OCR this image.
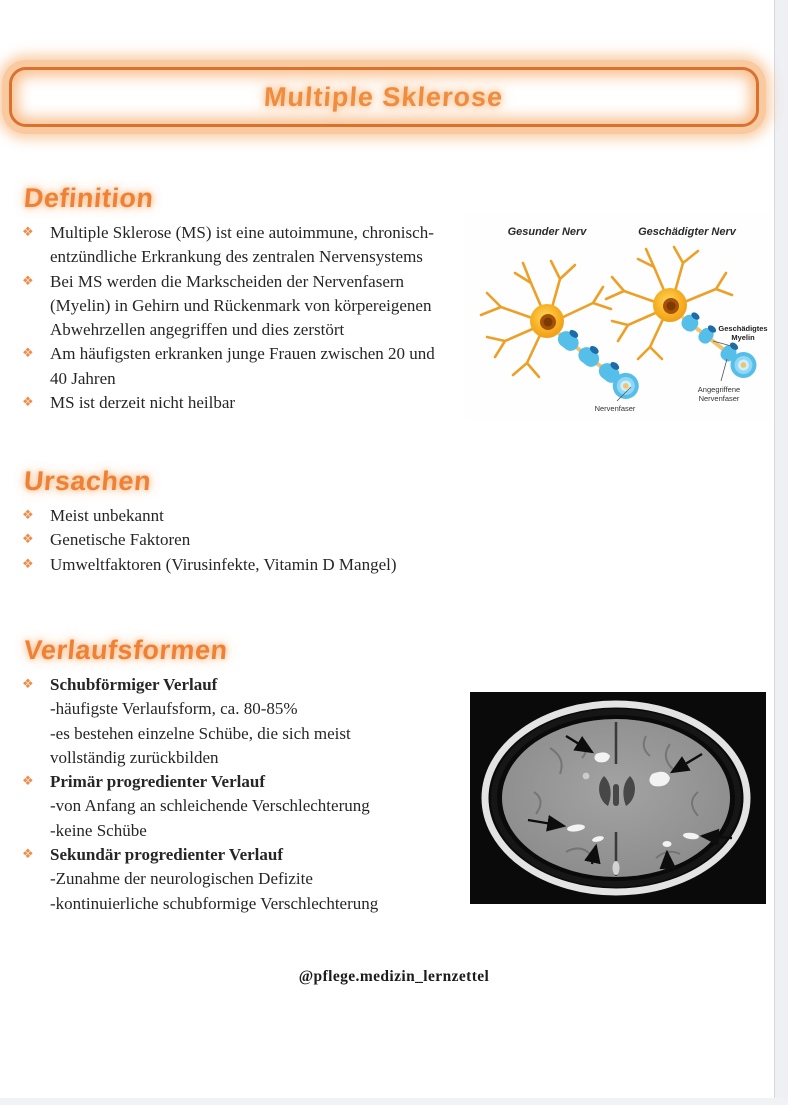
Multiple Sklerose
Definition
Ursachen
Verlaufsformen
❖ Multiple Sklerose (MS) ist eine autoimmune, chronisch-
entzündliche Erkrankung des zentralen Nervensystems
❖ Bei MS werden die Markscheiden der Nervenfasern
(Myelin) in Gehirn und Rückenmark von körpereigenen
Abwehrzellen angegriffen und dies zerstört
❖ Am häufigsten erkranken junge Frauen zwischen 20 und
40 Jahren
❖ MS ist derzeit nicht heilbar
❖ Meist unbekannt
❖ Genetische Faktoren
❖ Umweltfaktoren (Virusinfekte, Vitamin D Mangel)
❖ Schubförmiger Verlauf
-häufigste Verlaufsform, ca. 80-85%
-es bestehen einzelne Schübe, die sich meist
vollständig zurückbilden
❖ Primär progredienter Verlauf
-von Anfang an schleichende Verschlechterung
-keine Schübe
❖ Sekundär progredienter Verlauf
-Zunahme der neurologischen Defizite
-kontinuierliche schubformige Verschlechterung
Gesunder Nerv	Geschädigter Nerv
Nervenfaser
Geschädigtes
Myelin
Angegriffene
Nervenfaser
@pflege.medizin_lernzettel
